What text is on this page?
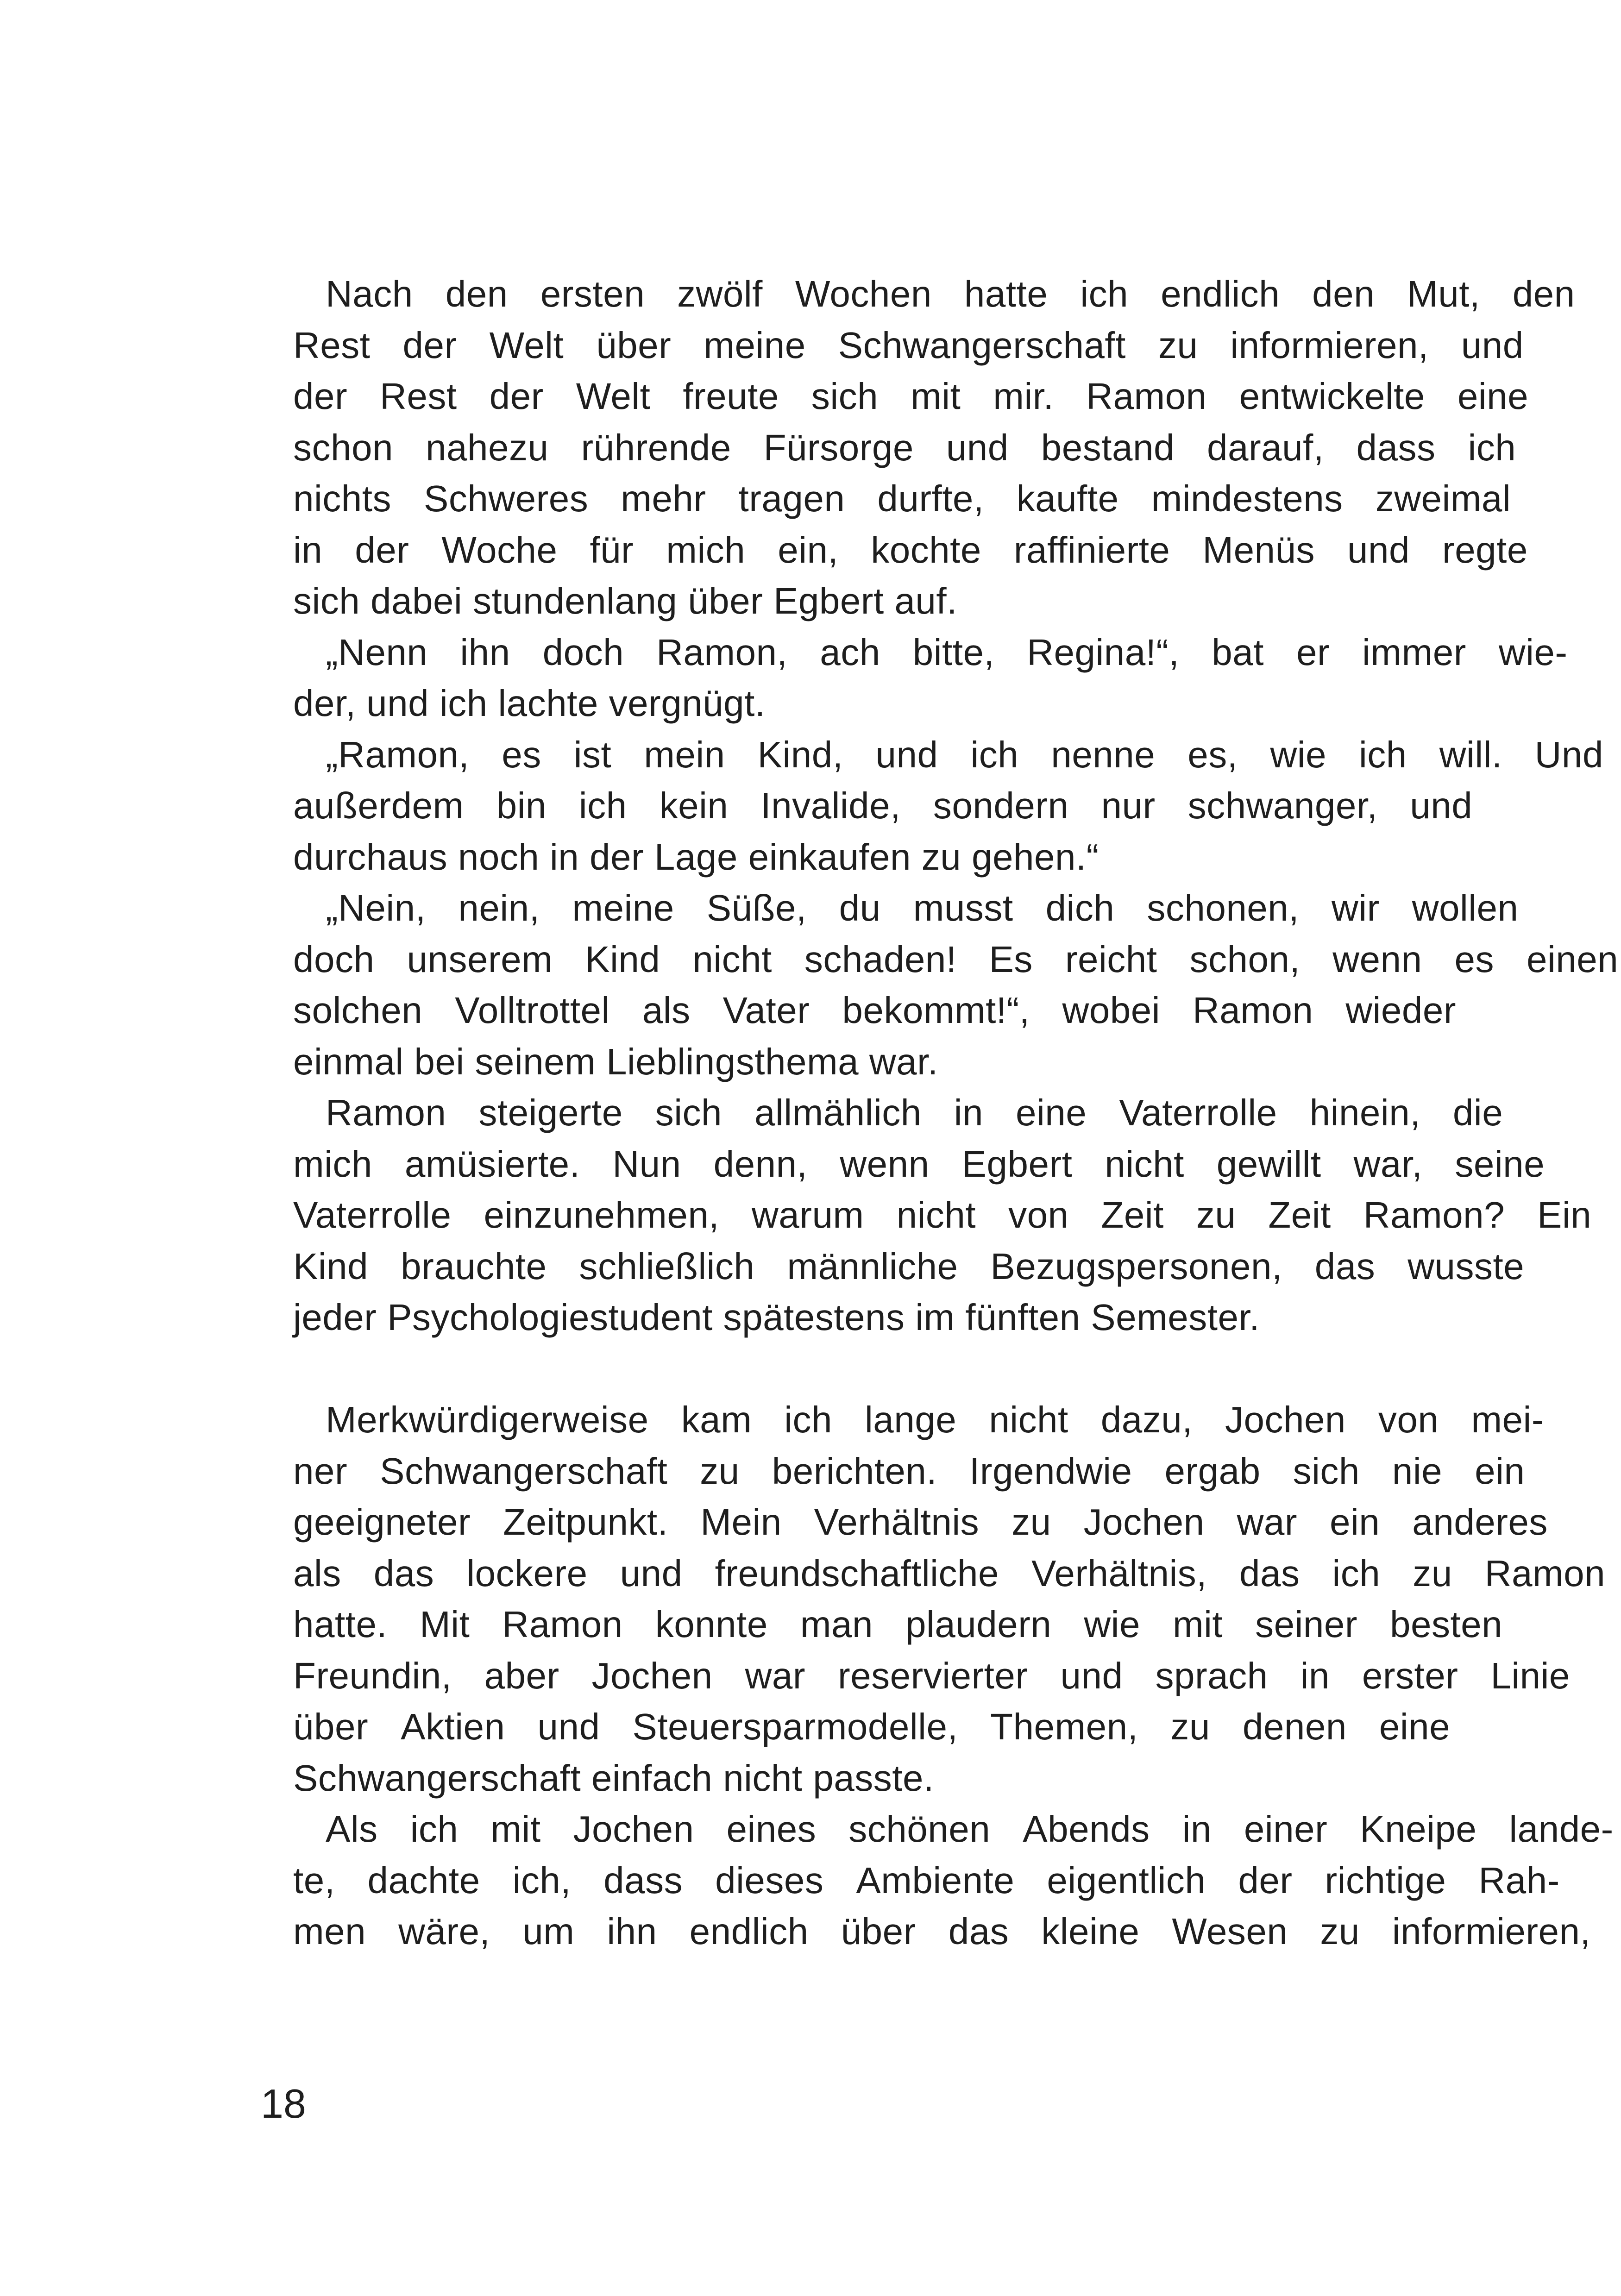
Nach den ersten zwölf Wochen hatte ich endlich den Mut, den
Rest der Welt über meine Schwangerschaft zu informieren, und
der Rest der Welt freute sich mit mir. Ramon entwickelte eine
schon nahezu rührende Fürsorge und bestand darauf, dass ich
nichts Schweres mehr tragen durfte, kaufte mindestens zweimal
in der Woche für mich ein, kochte raffinierte Menüs und regte
sich dabei stundenlang über Egbert auf.
„Nenn ihn doch Ramon, ach bitte, Regina!“, bat er immer wie-
der, und ich lachte vergnügt.
„Ramon, es ist mein Kind, und ich nenne es, wie ich will. Und
außerdem bin ich kein Invalide, sondern nur schwanger, und
durchaus noch in der Lage einkaufen zu gehen.“
„Nein, nein, meine Süße, du musst dich schonen, wir wollen
doch unserem Kind nicht schaden! Es reicht schon, wenn es einen
solchen Volltrottel als Vater bekommt!“, wobei Ramon wieder
einmal bei seinem Lieblingsthema war.
Ramon steigerte sich allmählich in eine Vaterrolle hinein, die
mich amüsierte. Nun denn, wenn Egbert nicht gewillt war, seine
Vaterrolle einzunehmen, warum nicht von Zeit zu Zeit Ramon? Ein
Kind brauchte schließlich männliche Bezugspersonen, das wusste
jeder Psychologiestudent spätestens im fünften Semester.
Merkwürdigerweise kam ich lange nicht dazu, Jochen von mei-
ner Schwangerschaft zu berichten. Irgendwie ergab sich nie ein
geeigneter Zeitpunkt. Mein Verhältnis zu Jochen war ein anderes
als das lockere und freundschaftliche Verhältnis, das ich zu Ramon
hatte. Mit Ramon konnte man plaudern wie mit seiner besten
Freundin, aber Jochen war reservierter und sprach in erster Linie
über Aktien und Steuersparmodelle, Themen, zu denen eine
Schwangerschaft einfach nicht passte.
Als ich mit Jochen eines schönen Abends in einer Kneipe lande-
te, dachte ich, dass dieses Ambiente eigentlich der richtige Rah-
men wäre, um ihn endlich über das kleine Wesen zu informieren,
18
